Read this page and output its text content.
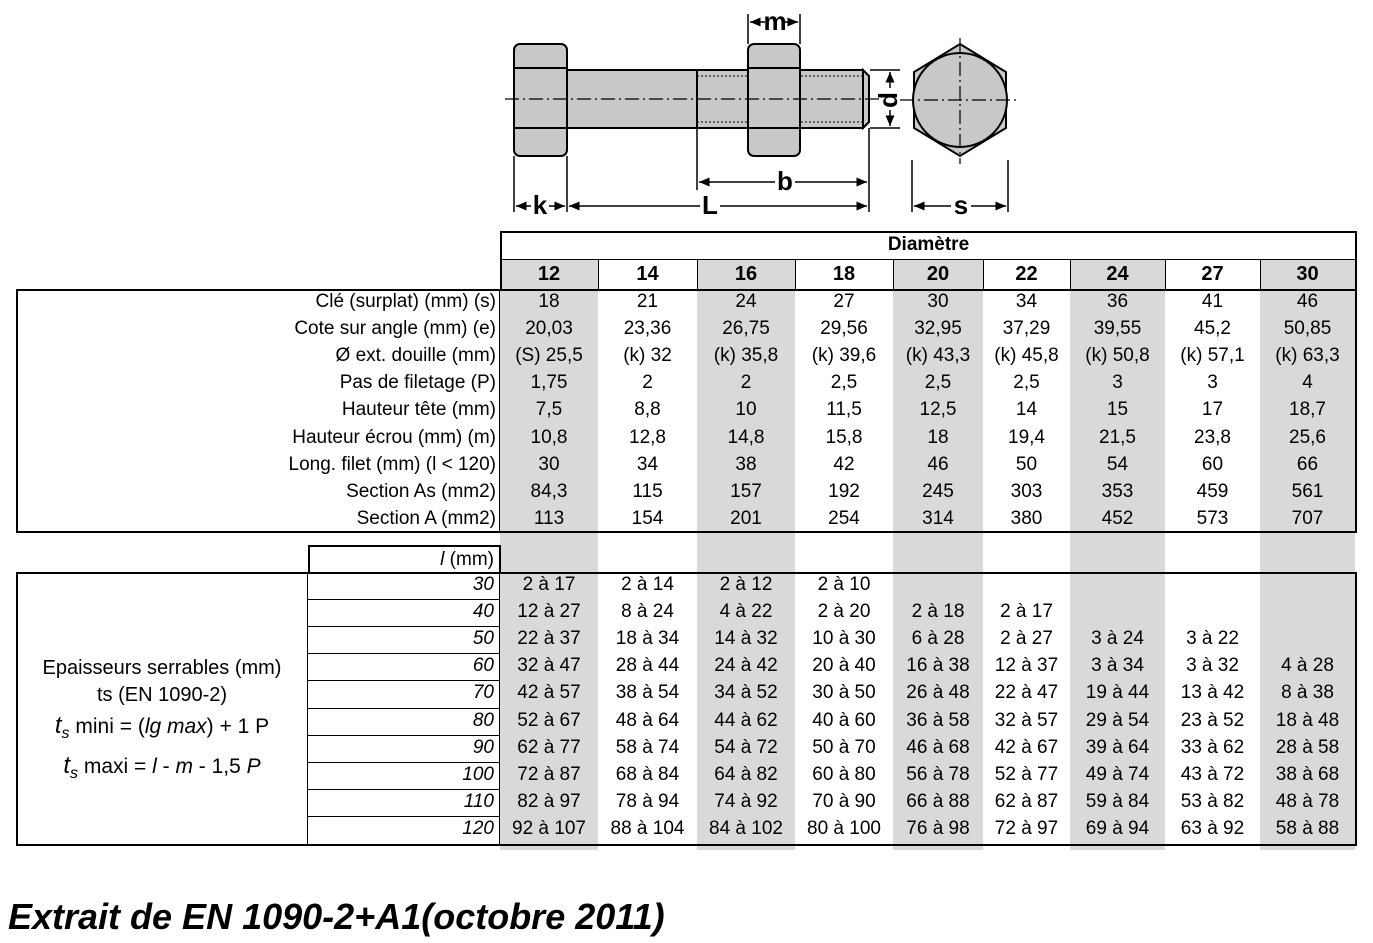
m
d
b
k	L	s
Diamètre
12	14	16	18	20	22	24	27	30
Clé (surplat) (mm) (s)	18	21	24	27	30	34	36	41	46
Cote sur angle (mm) (e)	20,03	23,36	26,75	29,56	32,95	37,29	39,55	45,2	50,85
Ø ext. douille (mm)	(S) 25,5	(k) 32	(k) 35,8	(k) 39,6	(k) 43,3	(k) 45,8	(k) 50,8	(k) 57,1	(k) 63,3
Pas de filetage (P)	1,75	2	2	2,5	2,5	2,5	3	3	4
Hauteur tête (mm)	7,5	8,8	10	11,5	12,5	14	15	17	18,7
Hauteur écrou (mm) (m)	10,8	12,8	14,8	15,8	18	19,4	21,5	23,8	25,6
Long. filet (mm) (l < 120)	30	34	38	42	46	50	54	60	66
Section As (mm2)	84,3	115	157	192	245	303	353	459	561
Section A (mm2)	113	154	201	254	314	380	452	573	707
l (mm)
30	2 à 17	2 à 14	2 à 12	2 à 10
40	12 à 27	8 à 24	4 à 22	2 à 20	2 à 18	2 à 17
50	22 à 37	18 à 34	14 à 32	10 à 30	6 à 28	2 à 27	3 à 24	3 à 22
60	32 à 47	28 à 44	24 à 42	20 à 40	16 à 38	12 à 37	3 à 34	3 à 32	4 à 28
70	42 à 57	38 à 54	34 à 52	30 à 50	26 à 48	22 à 47	19 à 44	13 à 42	8 à 38
80	52 à 67	48 à 64	44 à 62	40 à 60	36 à 58	32 à 57	29 à 54	23 à 52	18 à 48
90	62 à 77	58 à 74	54 à 72	50 à 70	46 à 68	42 à 67	39 à 64	33 à 62	28 à 58
100	72 à 87	68 à 84	64 à 82	60 à 80	56 à 78	52 à 77	49 à 74	43 à 72	38 à 68
110	82 à 97	78 à 94	74 à 92	70 à 90	66 à 88	62 à 87	59 à 84	53 à 82	48 à 78
120 92 à 107	88 à 104	84 à 102	80 à 100	76 à 98	72 à 97	69 à 94	63 à 92	58 à 88
Epaisseurs serrables (mm)
ts (EN 1090-2)
$t_s$ mini = (lg max) + 1 P
$t_s$ maxi = l - m - 1,5 P
Extrait de EN 1090-2+A1(octobre 2011)
